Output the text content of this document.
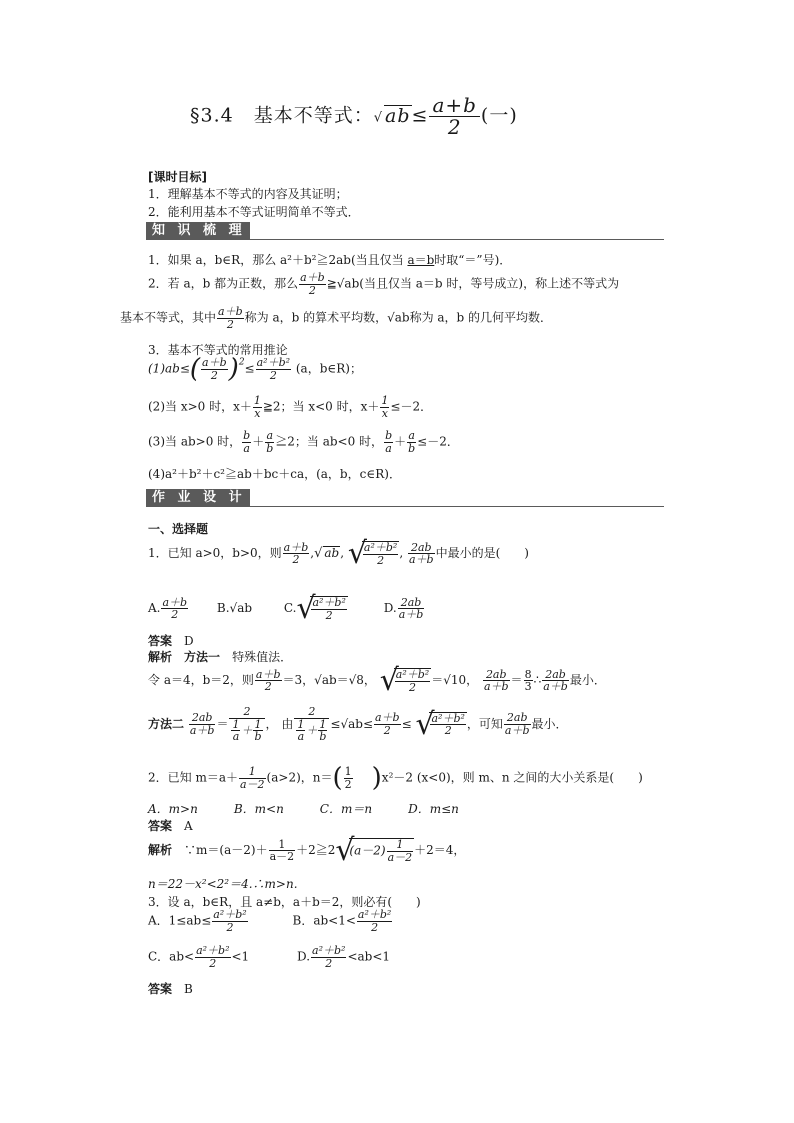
§3.4　基本不等式：√ $ab\le \frac{a+b}{2}$ (一)
[课时目标]
1．理解基本不等式的内容及其证明；
2．能利用基本不等式证明简单不等式．
知 识 梳 理
1．如果 a，b∈R，那么 a²＋b²≧2ab(当且仅当 a＝b时取“＝”号)．
2．若 a，b 都为正数，那么 $\frac{a+b}{2}$ ≧√ab(当且仅当 a＝b 时，等号成立)，称上述不等式为
基本不等式，其中 $\frac{a+b}{2}$ 称为 a，b 的算术平均数，√ab称为 a，b 的几何平均数．
3．基本不等式的常用推论
$(1)ab\le( \frac{a+b}{2} )^2\le \frac{\text{a²＋b²}}{2} (a$，b∈R)；
(2)当 x>0 时，$x+ \frac{1}{x}$ ≧2；当 x<0 时，$x+ \frac{1}{x} \le-2$．
(3)当 ab>0 时， $\frac{b}{a} + \frac{a}{b}$ ≧2；当 ab<0 时， $\frac{b}{a} + \frac{a}{b} \le-2$．
(4)a²＋b²＋c²≧ab＋bc＋ca，(a，b，c∈R)．
作 业 设 计
一、选择题
1．已知 a>0，b>0，则 $\frac{a+b}{2}$ ,√ ab, √
$\frac{\text{a²＋b²}}{2}$ , $\frac{2ab}{a+b}$ 中最小的是(　　)
A. $\frac{a+b}{2} B.√ab$	C. √
$\frac{\text{a²＋b²}}{2}$	D. $\frac{2ab}{a+b}$
答案　 D
解析　 方法一　 特殊值法．
令 a＝4，b＝2，则 $\frac{a+b}{2} =3$，√ab＝√8， √
$\frac{\text{a²＋b²}}{2} =√10$， $\frac{2ab}{a+b} = \frac{8}{3}$ ∴ $\frac{2ab}{a+b}$ 最小．
方法二 $\frac{2ab}{a+b} = \frac{2}{\frac{1}{a} + \frac{1}{b}}$ ， 由 $\frac{2}{\frac{1}{a} + \frac{1}{b}} \le√ab\le \frac{a+b}{2}$ ≤ √
$\frac{\text{a²＋b²}}{2}$ ，可知 $\frac{2ab}{a+b}$ 最小．
2．已知 $m=a+ \frac{1}{a-2} (a>2)$，$n=( \frac{1}{2} )x^2-2$ (x<0)，则 m、n 之间的大小关系是(　　)
A．m>n　　　B．m<n　　　C．m＝n　　　D．m≤n
答案　 A
解析　 ∵m＝(a－2)＋ $\frac{1}{a-2}$ ＋2≧2 √
$(a-2) \frac{1}{a-2} +2=4$，
n＝22－x²<2²＝4.∴m>n.
3．设 a，b∈R，且 a≠b，a＋b＝2，则必有(　　)
A．$1\le ab\le \frac{\text{a²＋b²}}{2}$	B．$ab<1< \frac{\text{a²＋b²}}{2}$
C．$ab< \frac{\text{a²＋b²}}{2} <1$	D. $\frac{\text{a²＋b²}}{2} <ab<1$
答案　 B
